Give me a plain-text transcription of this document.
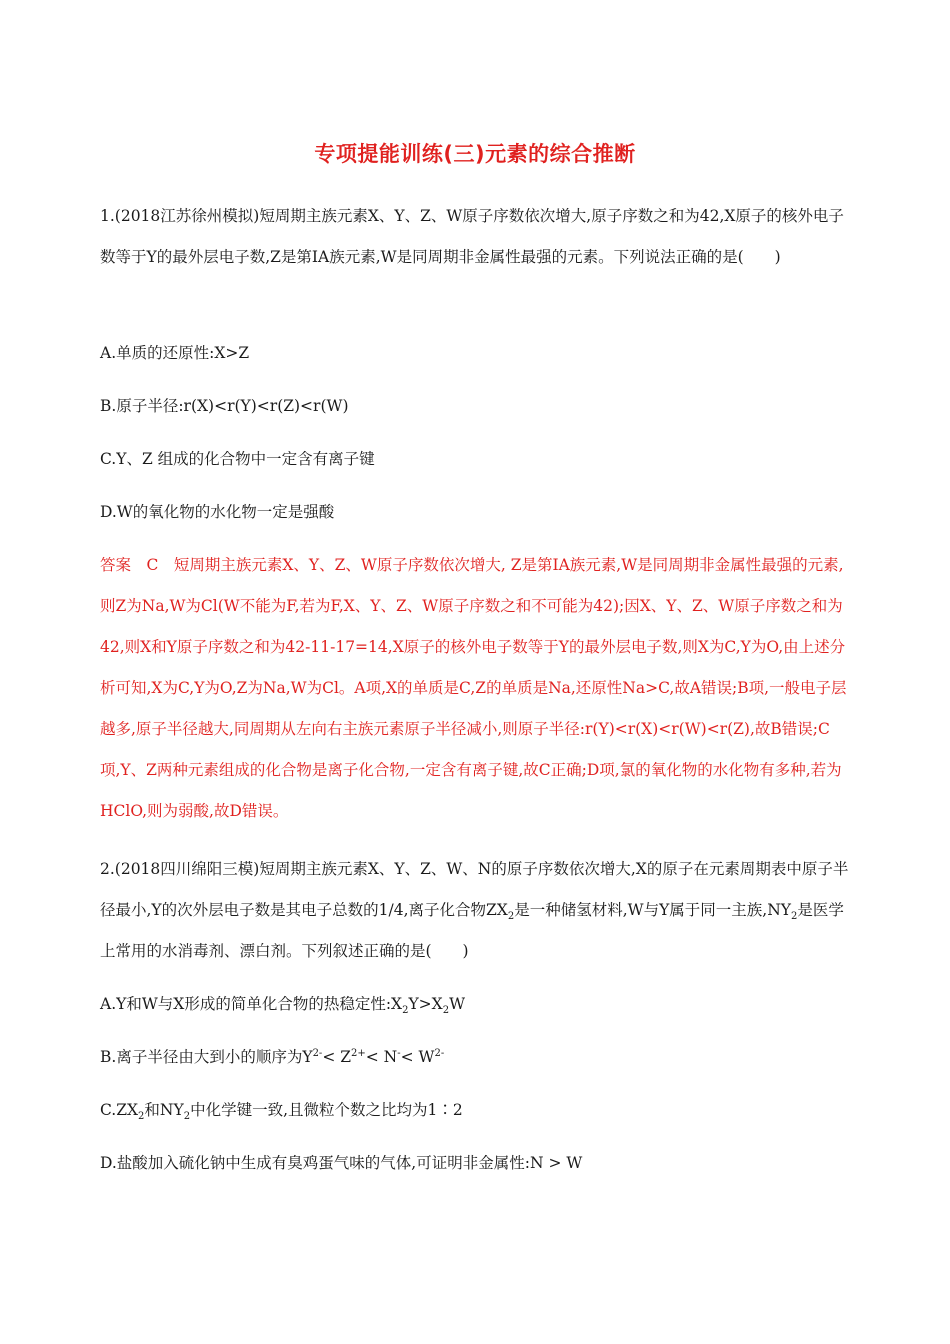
专项提能训练(三)元素的综合推断

1.(2018江苏徐州模拟)短周期主族元素X、Y、Z、W原子序数依次增大,原子序数之和为42,X原子的核外电子数等于Y的最外层电子数,Z是第ⅠA族元素,W是同周期非金属性最强的元素。下列说法正确的是(　　)

A.单质的还原性:X>Z

B.原子半径:r(X)<r(Y)<r(Z)<r(W)

C.Y、Z 组成的化合物中一定含有离子键

D.W的氧化物的水化物一定是强酸

答案　C　短周期主族元素X、Y、Z、W原子序数依次增大, Z是第ⅠA族元素,W是同周期非金属性最强的元素,则Z为Na,W为Cl(W不能为F,若为F,X、Y、Z、W原子序数之和不可能为42);因X、Y、Z、W原子序数之和为42,则X和Y原子序数之和为42-11-17=14,X原子的核外电子数等于Y的最外层电子数,则X为C,Y为O,由上述分析可知,X为C,Y为O,Z为Na,W为Cl。A项,X的单质是C,Z的单质是Na,还原性Na>C,故A错误;B项,一般电子层越多,原子半径越大,同周期从左向右主族元素原子半径减小,则原子半径:r(Y)<r(X)<r(W)<r(Z),故B错误;C项,Y、Z两种元素组成的化合物是离子化合物,一定含有离子键,故C正确;D项,氯的氧化物的水化物有多种,若为HClO,则为弱酸,故D错误。

2.(2018四川绵阳三模)短周期主族元素X、Y、Z、W、N的原子序数依次增大,X的原子在元素周期表中原子半径最小,Y的次外层电子数是其电子总数的1/4,离子化合物$ZX_2$是一种储氢材料,W与Y属于同一主族$,NY_2$是医学上常用的水消毒剂、漂白剂。下列叙述正确的是(　　)

A.Y和W与X形成的简单化合物的热稳定性$:X_2Y>X_2W$

B.离子半径由大到小的顺序为$Y^{2-}< Z^{2+}< N^-< W^{2-}$

$C.ZX_2$和$NY_2$中化学键一致,且微粒个数之比均为1∶2

D.盐酸加入硫化钠中生成有臭鸡蛋气味的气体,可证明非金属性:N > W
